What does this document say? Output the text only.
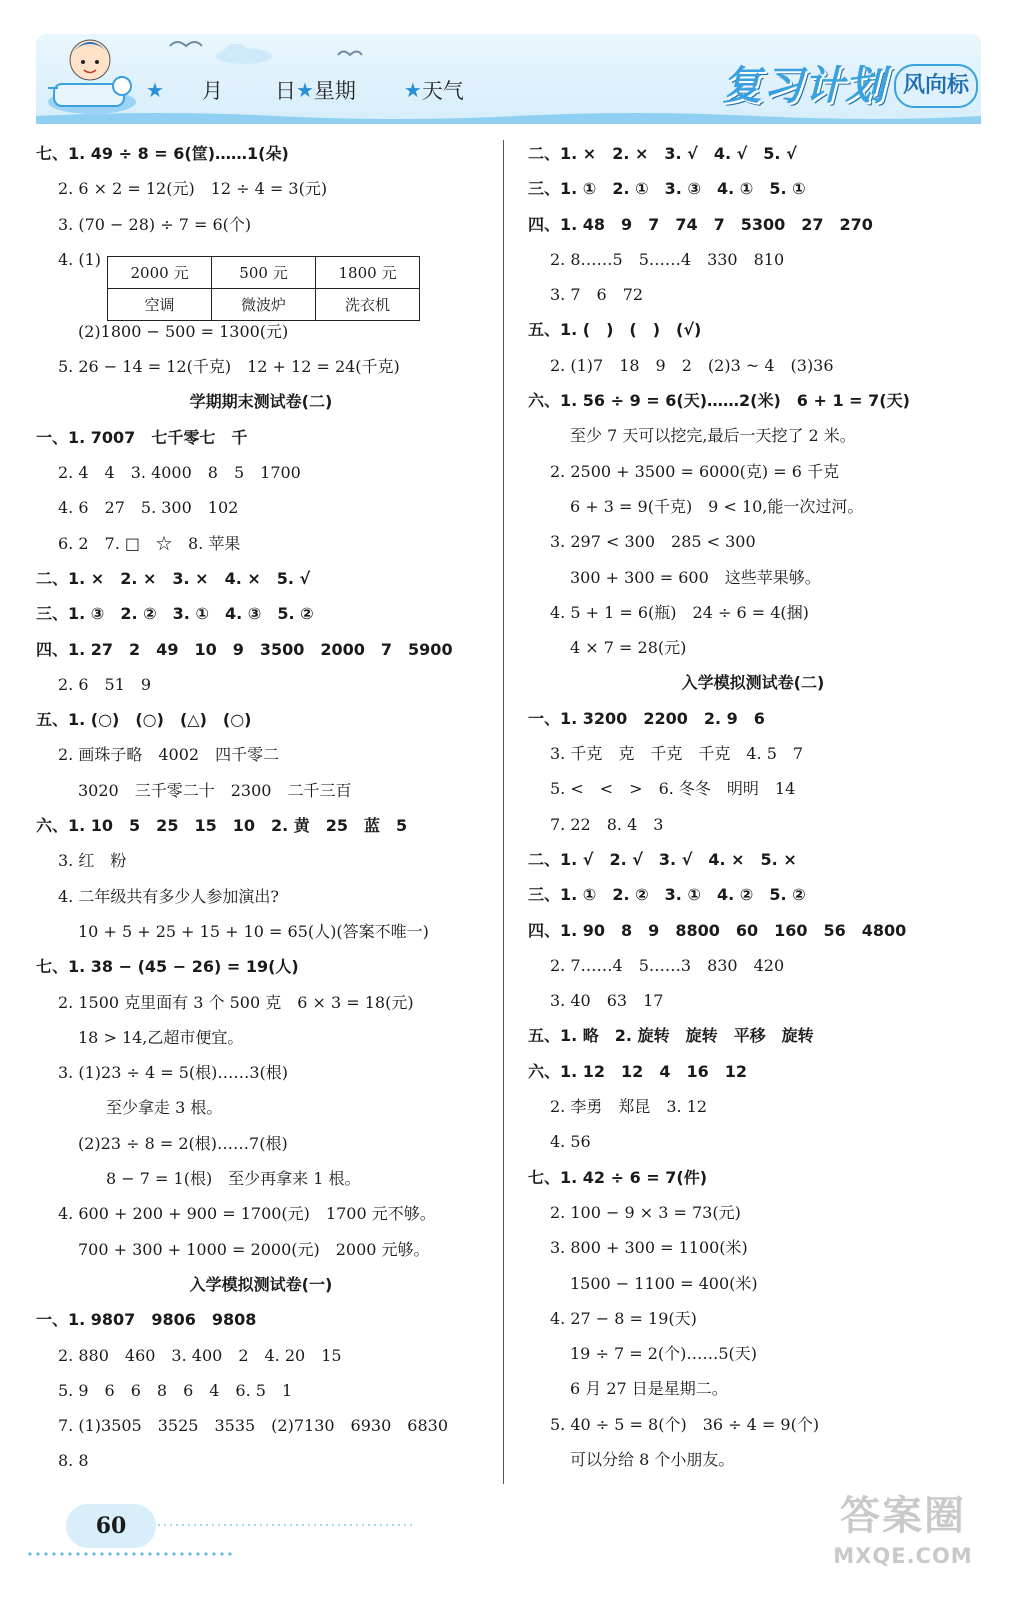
★ 月 日 ★ 星期 ★ 天气	复习计划 风向标
七、1. 49 ÷ 8 = 6(筐)……1(朵)
2. 6 × 2 = 12(元)　12 ÷ 4 = 3(元)
3. (70 − 28) ÷ 7 = 6(个)
4. (1)
2000 元	500 元	1800 元
空调	微波炉	洗衣机
(2)1800 − 500 = 1300(元)
5. 26 − 14 = 12(千克)　12 + 12 = 24(千克)
学期期末测试卷(二)
一、1. 7007　七千零七　千
2. 4　4　3. 4000　8　5　1700
4. 6　27　5. 300　102
6. 2　7. □　☆　8. 苹果
二、1. ×　2. ×　3. ×　4. ×　5. √
三、1. ③　2. ②　3. ①　4. ③　5. ②
四、1. 27　2　49　10　9　3500　2000　7　5900
2. 6　51　9
五、1. (○)　(○)　(△)　(○)
2. 画珠子略　4002　四千零二
3020　三千零二十　2300　二千三百
六、1. 10　5　25　15　10　2. 黄　25　蓝　5
3. 红　粉
4. 二年级共有多少人参加演出?
10 + 5 + 25 + 15 + 10 = 65(人)(答案不唯一)
七、1. 38 − (45 − 26) = 19(人)
2. 1500 克里面有 3 个 500 克　6 × 3 = 18(元)
18 > 14,乙超市便宜。
3. (1)23 ÷ 4 = 5(根)……3(根)
至少拿走 3 根。
(2)23 ÷ 8 = 2(根)……7(根)
8 − 7 = 1(根)　至少再拿来 1 根。
4. 600 + 200 + 900 = 1700(元)　1700 元不够。
700 + 300 + 1000 = 2000(元)　2000 元够。
入学模拟测试卷(一)
一、1. 9807　9806　9808
2. 880　460　3. 400　2　4. 20　15
5. 9　6　6　8　6　4　6. 5　1
7. (1)3505　3525　3535　(2)7130　6930　6830
8. 8
二、1. ×　2. ×　3. √　4. √　5. √
三、1. ①　2. ①　3. ③　4. ①　5. ①
四、1. 48　9　7　74　7　5300　27　270
2. 8……5　5……4　330　810
3. 7　6　72
五、1. (　)　(　)　(√)
2. (1)7　18　9　2　(2)3 ~ 4　(3)36
六、1. 56 ÷ 9 = 6(天)……2(米)　6 + 1 = 7(天)
至少 7 天可以挖完,最后一天挖了 2 米。
2. 2500 + 3500 = 6000(克) = 6 千克
6 + 3 = 9(千克)　9 < 10,能一次过河。
3. 297 < 300　285 < 300
300 + 300 = 600　这些苹果够。
4. 5 + 1 = 6(瓶)　24 ÷ 6 = 4(捆)
4 × 7 = 28(元)
入学模拟测试卷(二)
一、1. 3200　2200　2. 9　6
3. 千克　克　千克　千克　4. 5　7
5. <　<　>　6. 冬冬　明明　14
7. 22　8. 4　3
二、1. √　2. √　3. √　4. ×　5. ×
三、1. ①　2. ②　3. ①　4. ②　5. ②
四、1. 90　8　9　8800　60　160　56　4800
2. 7……4　5……3　830　420
3. 40　63　17
五、1. 略　2. 旋转　旋转　平移　旋转
六、1. 12　12　4　16　12
2. 李勇　郑昆　3. 12
4. 56
七、1. 42 ÷ 6 = 7(件)
2. 100 − 9 × 3 = 73(元)
3. 800 + 300 = 1100(米)
1500 − 1100 = 400(米)
4. 27 − 8 = 19(天)
19 ÷ 7 = 2(个)……5(天)
6 月 27 日是星期二。
5. 40 ÷ 5 = 8(个)　36 ÷ 4 = 9(个)
可以分给 8 个小朋友。
60	答案圈
MXQE.COM
